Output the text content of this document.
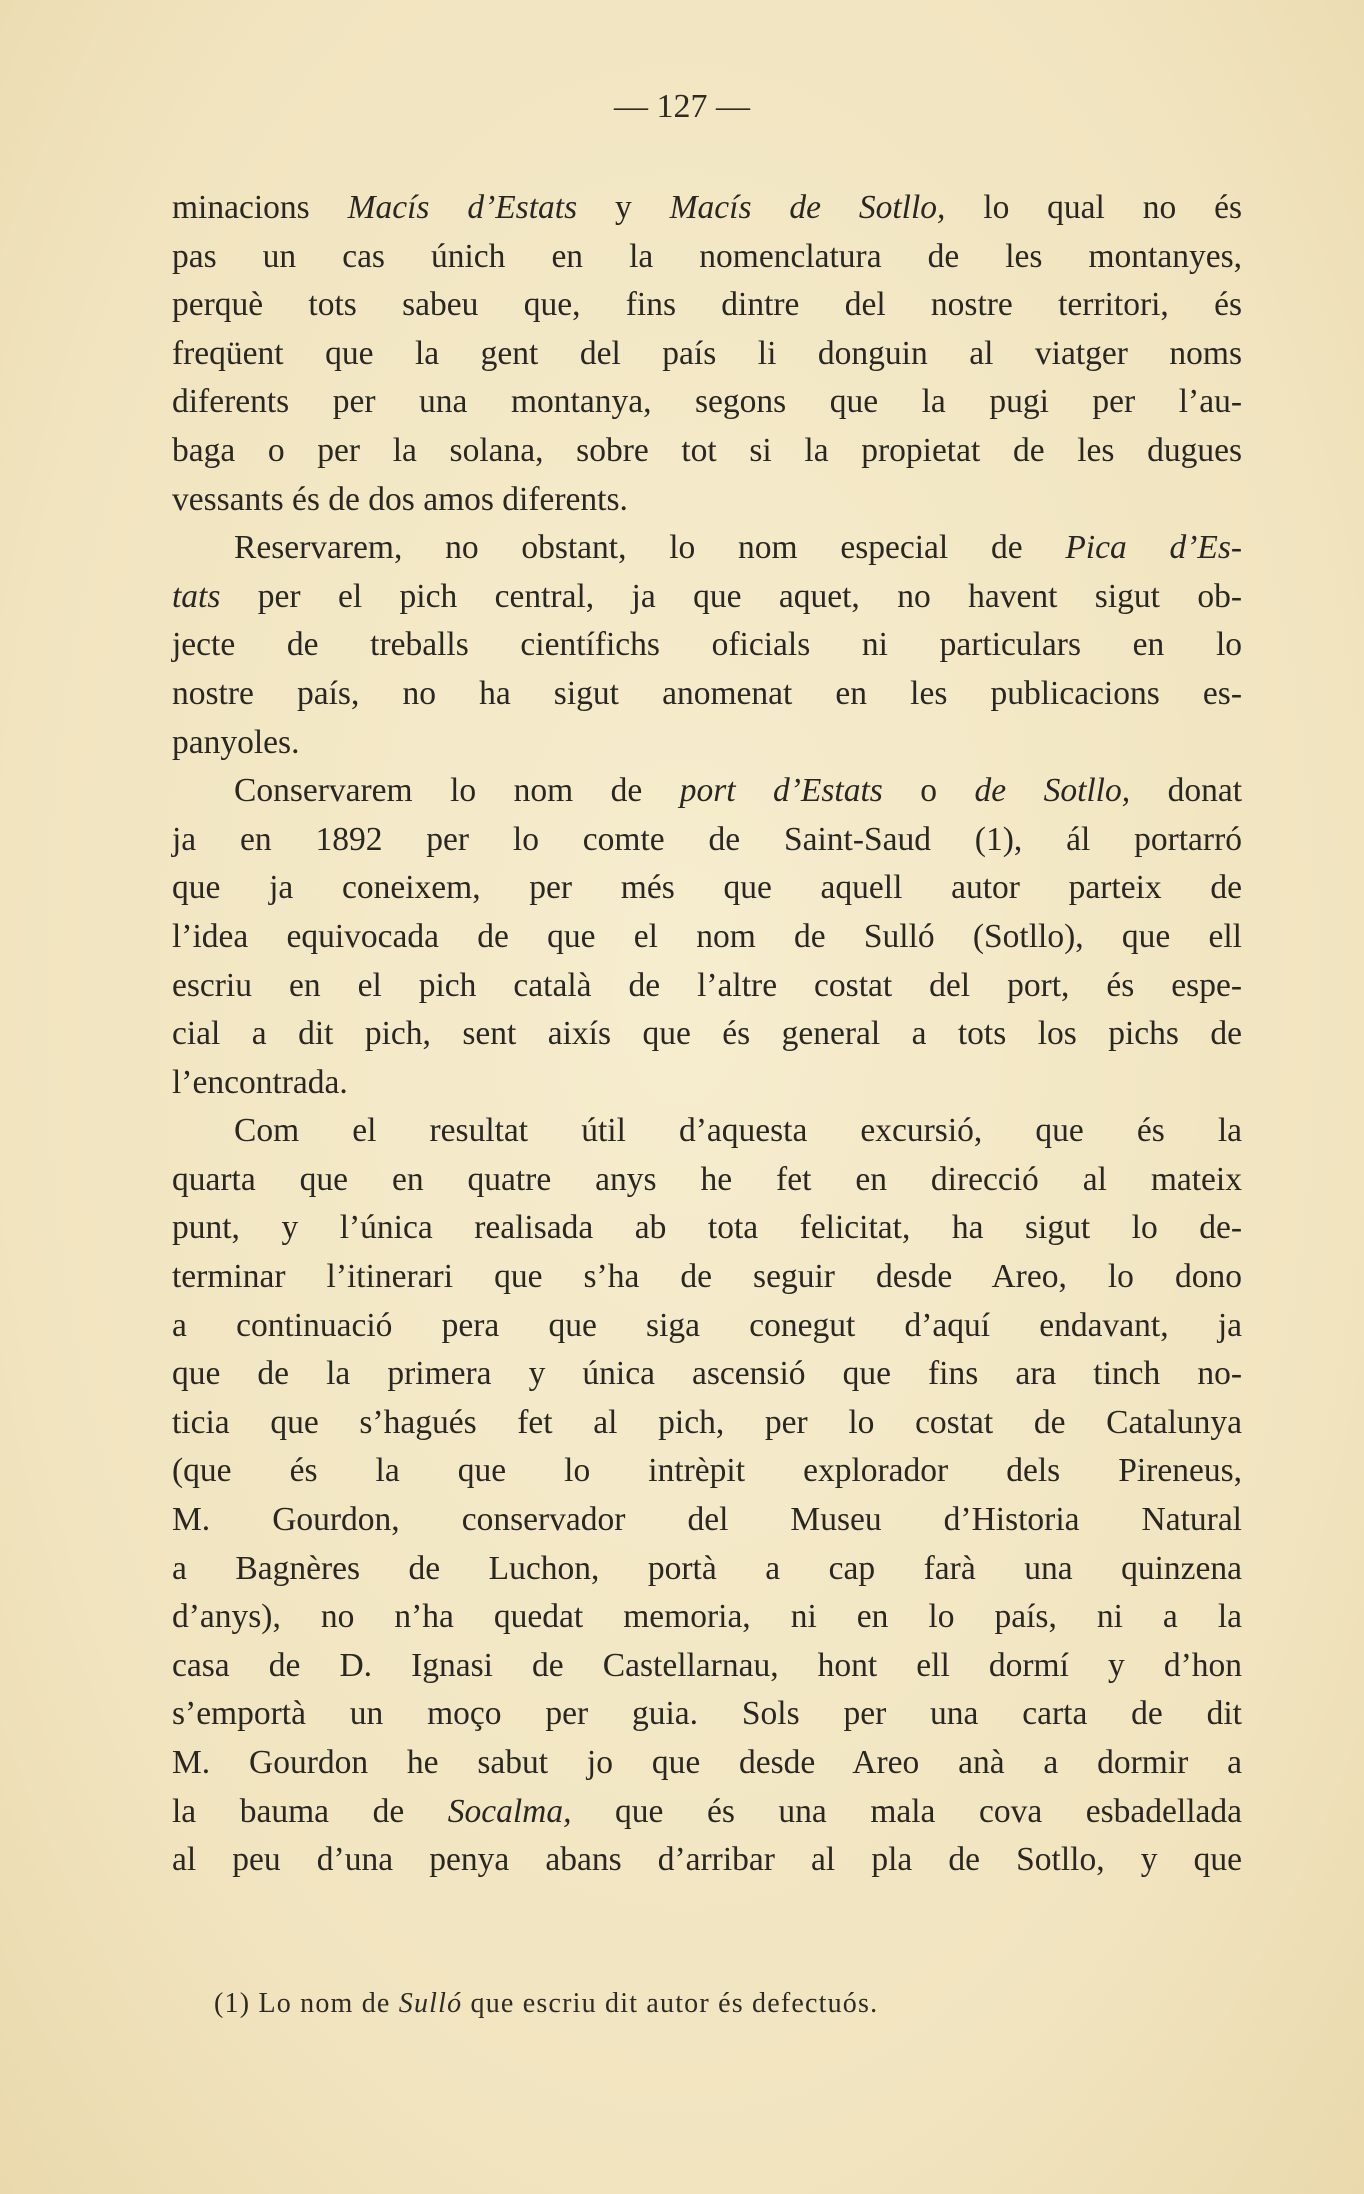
— 127 —
minacions Macís d’Estats y Macís de Sotllo, lo qual no és
pas un cas únich en la nomenclatura de les montanyes,
perquè tots sabeu que, fins dintre del nostre territori, és
freqüent que la gent del país li donguin al viatger noms
diferents per una montanya, segons que la pugi per l’au-
baga o per la solana, sobre tot si la propietat de les dugues
vessants és de dos amos diferents.
Reservarem, no obstant, lo nom especial de Pica d’Es-
tats per el pich central, ja que aquet, no havent sigut ob-
jecte de treballs científichs oficials ni particulars en lo
nostre país, no ha sigut anomenat en les publicacions es-
panyoles.
Conservarem lo nom de port d’Estats o de Sotllo, donat
ja en 1892 per lo comte de Saint-Saud (1), ál portarró
que ja coneixem, per més que aquell autor parteix de
l’idea equivocada de que el nom de Sulló (Sotllo), que ell
escriu en el pich català de l’altre costat del port, és espe-
cial a dit pich, sent aixís que és general a tots los pichs de
l’encontrada.
Com el resultat útil d’aquesta excursió, que és la
quarta que en quatre anys he fet en direcció al mateix
punt, y l’única realisada ab tota felicitat, ha sigut lo de-
terminar l’itinerari que s’ha de seguir desde Areo, lo dono
a continuació pera que siga conegut d’aquí endavant, ja
que de la primera y única ascensió que fins ara tinch no-
ticia que s’hagués fet al pich, per lo costat de Catalunya
(que és la que lo intrèpit explorador dels Pireneus,
M. Gourdon, conservador del Museu d’Historia Natural
a Bagnères de Luchon, portà a cap farà una quinzena
d’anys), no n’ha quedat memoria, ni en lo país, ni a la
casa de D. Ignasi de Castellarnau, hont ell dormí y d’hon
s’emportà un moço per guia. Sols per una carta de dit
M. Gourdon he sabut jo que desde Areo anà a dormir a
la bauma de Socalma, que és una mala cova esbadellada
al peu d’una penya abans d’arribar al pla de Sotllo, y que
(1) Lo nom de Sulló que escriu dit autor és defectuós.
